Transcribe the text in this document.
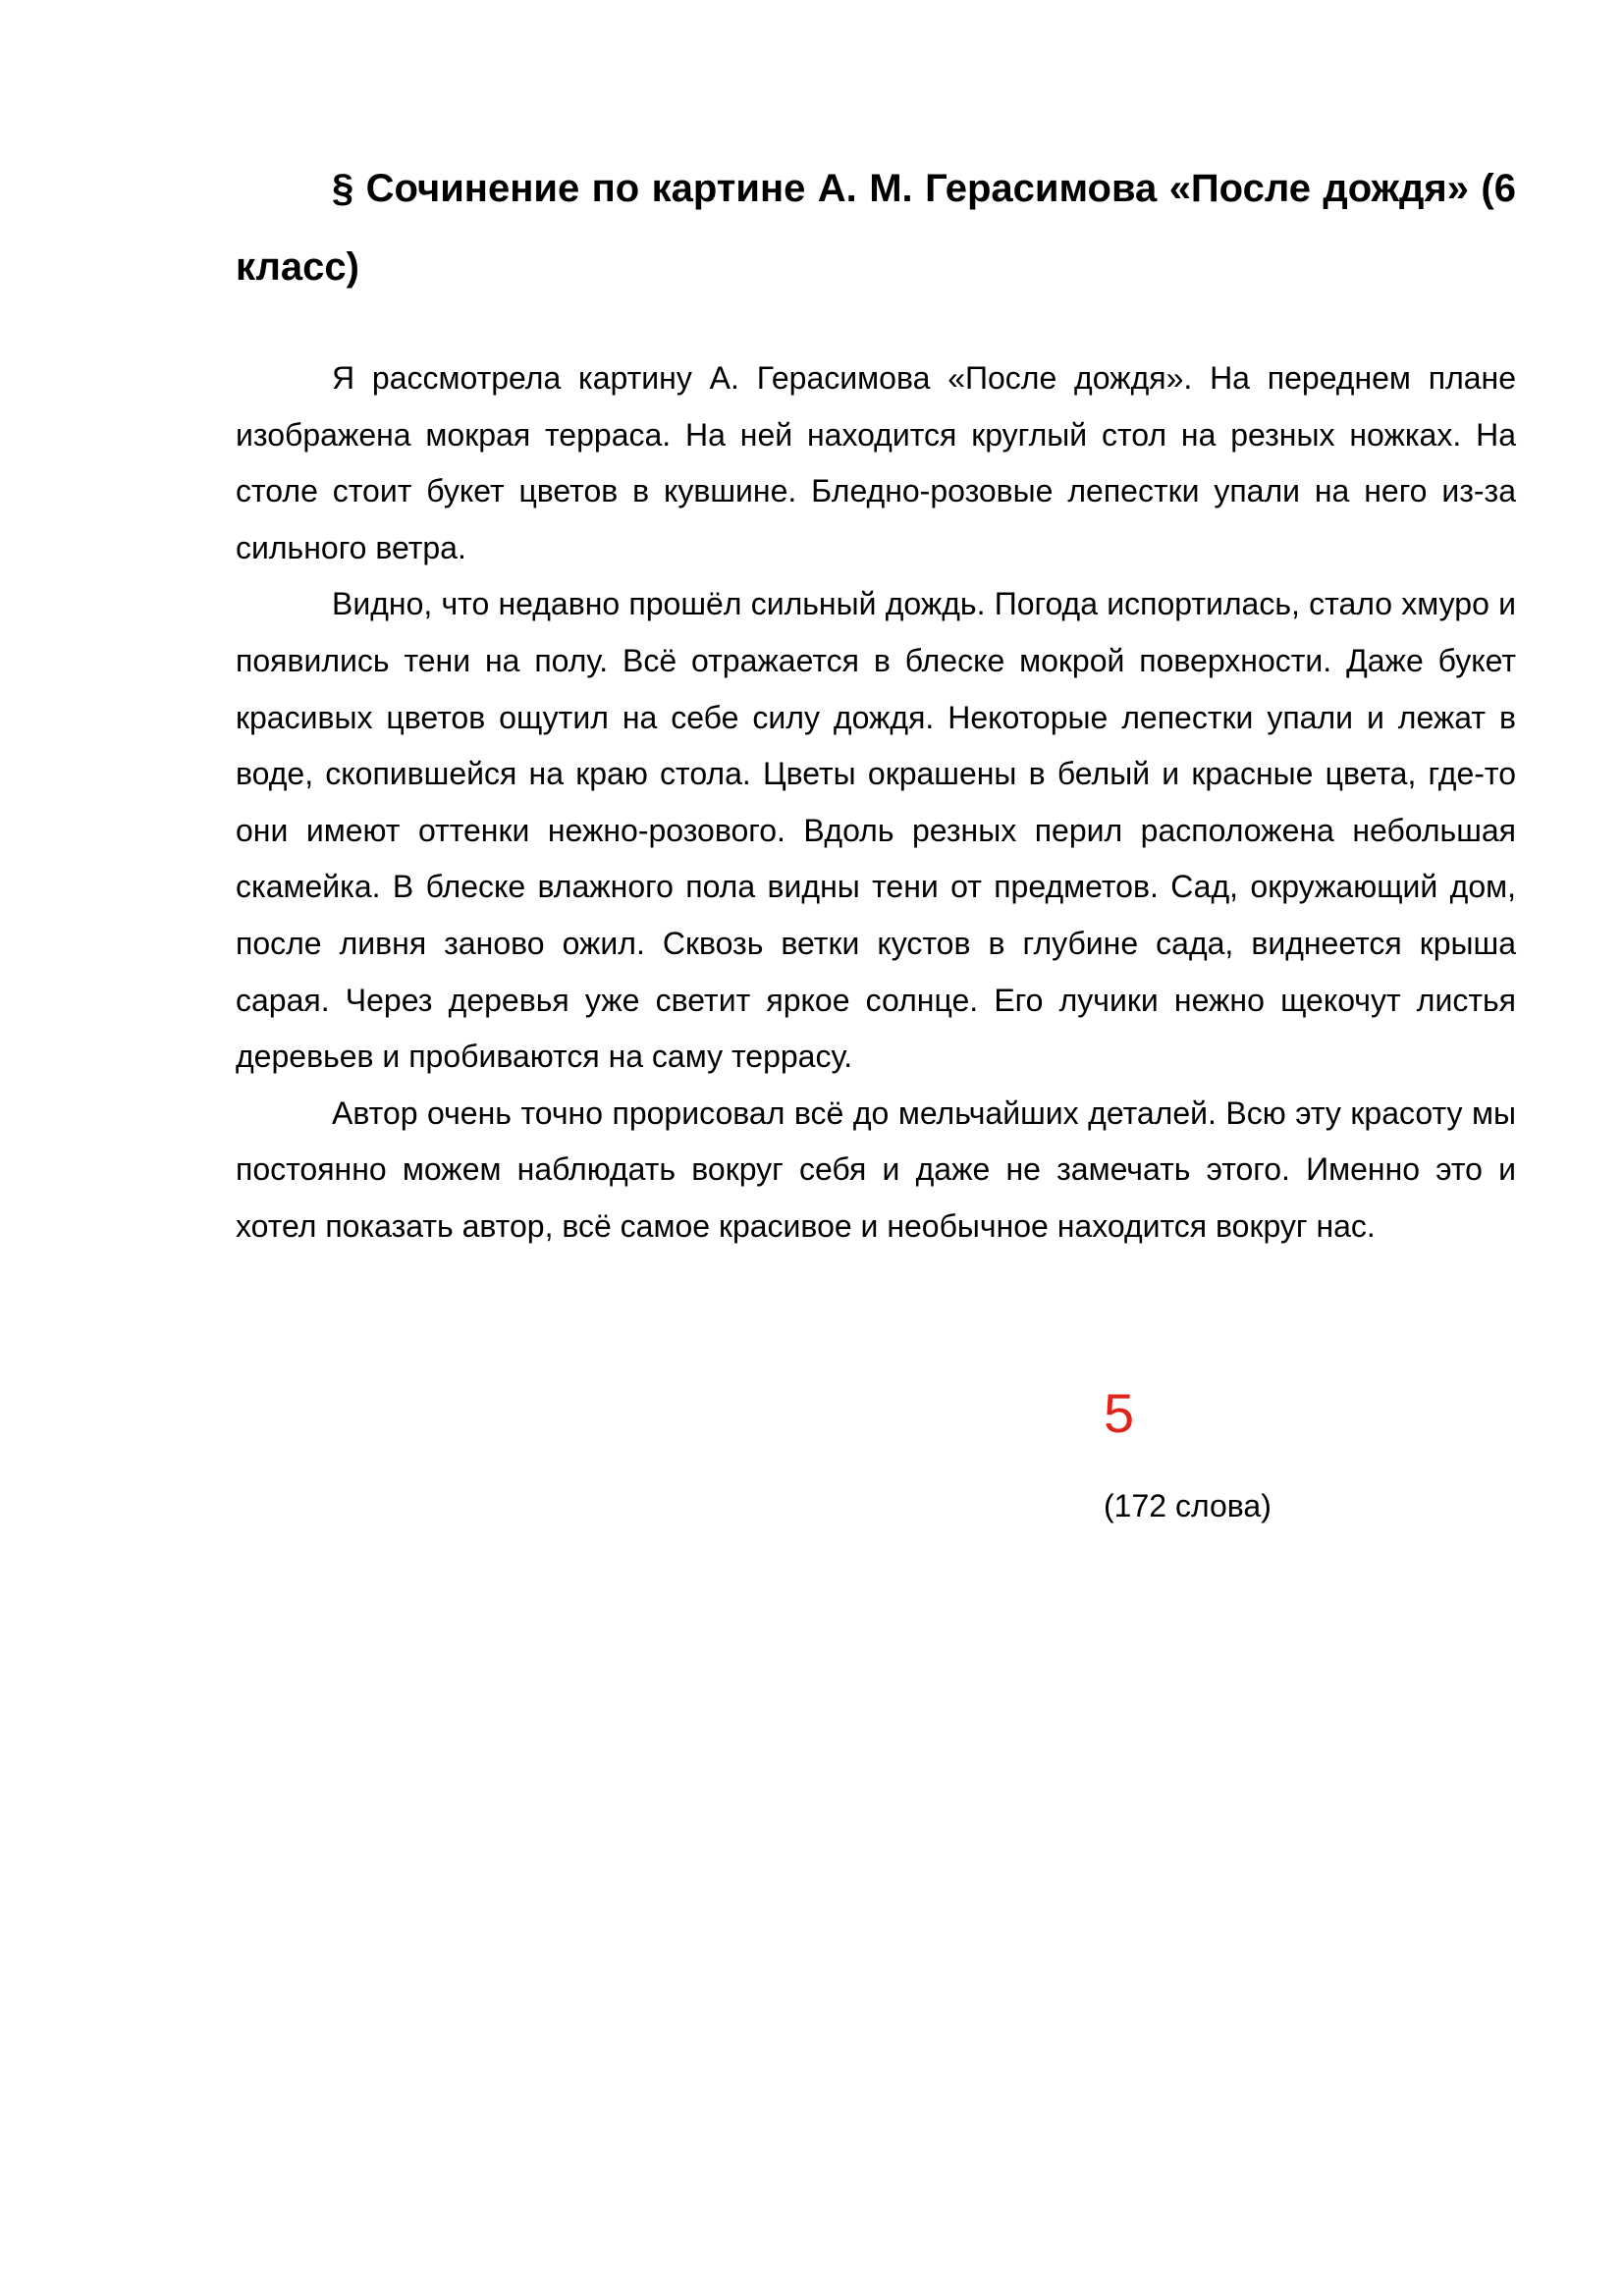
§ Сочинение по картине А. М. Герасимова «После дождя» (6 класс)

Я рассмотрела картину А. Герасимова «После дождя». На переднем плане изображена мокрая терраса. На ней находится круглый стол на резных ножках. На столе стоит букет цветов в кувшине. Бледно-розовые лепестки упали на него из-за сильного ветра.

Видно, что недавно прошёл сильный дождь. Погода испортилась, стало хмуро и появились тени на полу. Всё отражается в блеске мокрой поверхности. Даже букет красивых цветов ощутил на себе силу дождя. Некоторые лепестки упали и лежат в воде, скопившейся на краю стола. Цветы окрашены в белый и красные цвета, где-то они имеют оттенки нежно-розового. Вдоль резных перил расположена небольшая скамейка. В блеске влажного пола видны тени от предметов. Сад, окружающий дом, после ливня заново ожил. Сквозь ветки кустов в глубине сада, виднеется крыша сарая. Через деревья уже светит яркое солнце. Его лучики нежно щекочут листья деревьев и пробиваются на саму террасу.

Автор очень точно прорисовал всё до мельчайших деталей. Всю эту красоту мы постоянно можем наблюдать вокруг себя и даже не замечать этого. Именно это и хотел показать автор, всё самое красивое и необычное находится вокруг нас.

5
(172 слова)
